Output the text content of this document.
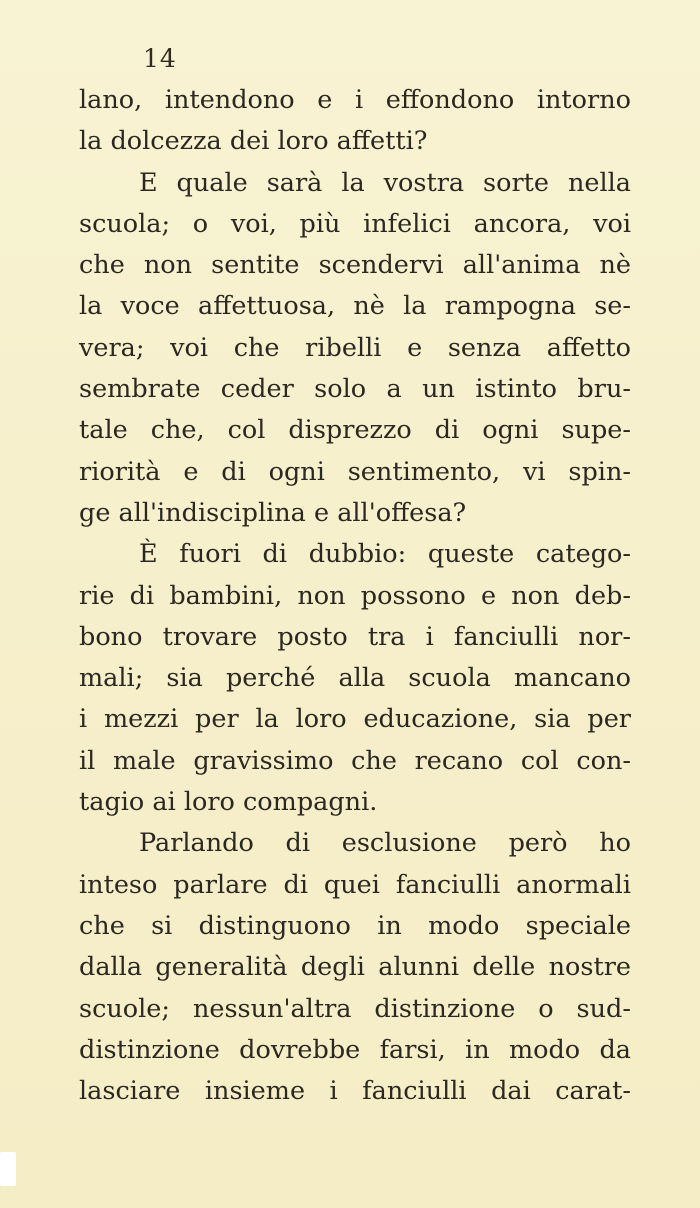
14
lano, intendono e i effondono intorno
la dolcezza dei loro affetti?
E quale sarà la vostra sorte nella
scuola; o voi, più infelici ancora, voi
che non sentite scendervi all'anima nè
la voce affettuosa, nè la rampogna se-
vera; voi che ribelli e senza affetto
sembrate ceder solo a un istinto bru-
tale che, col disprezzo di ogni supe-
riorità e di ogni sentimento, vi spin-
ge all'indisciplina e all'offesa?
È fuori di dubbio: queste catego-
rie di bambini, non possono e non deb-
bono trovare posto tra i fanciulli nor-
mali; sia perché alla scuola mancano
i mezzi per la loro educazione, sia per
il male gravissimo che recano col con-
tagio ai loro compagni.
Parlando di esclusione però ho
inteso parlare di quei fanciulli anormali
che si distinguono in modo speciale
dalla generalità degli alunni delle nostre
scuole; nessun'altra distinzione o sud-
distinzione dovrebbe farsi, in modo da
lasciare insieme i fanciulli dai carat-
